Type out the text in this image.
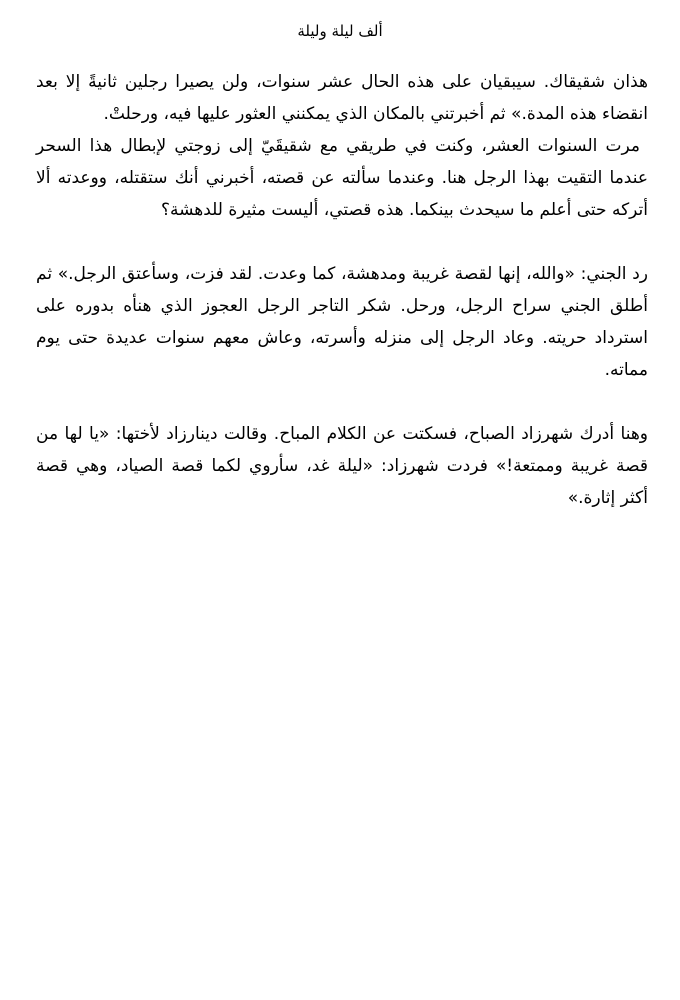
ألف ليلة وليلة

هذان شقيقاك. سيبقيان على هذه الحال عشر سنوات، ولن يصيرا رجلين ثانيةً إلا بعد انقضاء هذه المدة.» ثم أخبرتني بالمكان الذي يمكنني العثور عليها فيه، ورحلتْ.

مرت السنوات العشر، وكنت في طريقي مع شقيقَيّ إلى زوجتي لإبطال هذا السحر عندما التقيت بهذا الرجل هنا. وعندما سألته عن قصته، أخبرني أنك ستقتله، ووعدته ألا أتركه حتى أعلم ما سيحدث بينكما. هذه قصتي، أليست مثيرة للدهشة؟

رد الجني: «والله، إنها لقصة غريبة ومدهشة، كما وعدت. لقد فزت، وسأعتق الرجل.» ثم أطلق الجني سراح الرجل، ورحل. شكر التاجر الرجل العجوز الذي هنأه بدوره على استرداد حريته. وعاد الرجل إلى منزله وأسرته، وعاش معهم سنوات عديدة حتى يوم مماته.

وهنا أدرك شهرزاد الصباح، فسكتت عن الكلام المباح. وقالت دينارزاد لأختها: «يا لها من قصة غريبة وممتعة!» فردت شهرزاد: «ليلة غد، سأروي لكما قصة الصياد، وهي قصة أكثر إثارة.»
